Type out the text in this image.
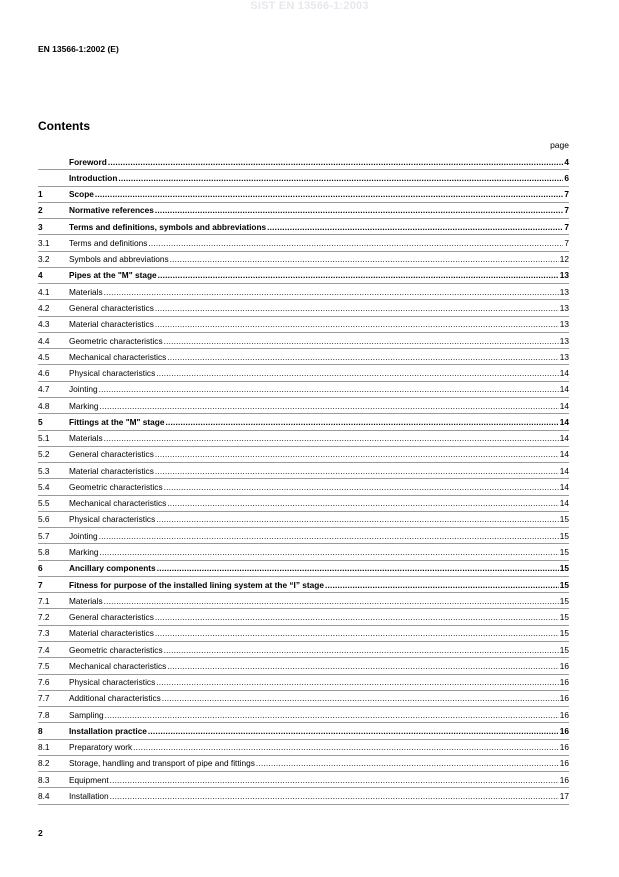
SIST EN 13566-1:2003
EN 13566-1:2002 (E)
Contents
page
Foreword .....	4
Introduction .....	6
1	Scope .....	7
2	Normative references .....	7
3	Terms and definitions, symbols and abbreviations .....	7
3.1	Terms and definitions .....	7
3.2	Symbols and abbreviations .....	12
4	Pipes at the "M" stage .....	13
4.1	Materials .....	13
4.2	General characteristics .....	13
4.3	Material characteristics .....	13
4.4	Geometric characteristics .....	13
4.5	Mechanical characteristics .....	13
4.6	Physical characteristics .....	14
4.7	Jointing .....	14
4.8	Marking .....	14
5	Fittings at the "M" stage .....	14
5.1	Materials .....	14
5.2	General characteristics .....	14
5.3	Material characteristics .....	14
5.4	Geometric characteristics .....	14
5.5	Mechanical characteristics .....	14
5.6	Physical characteristics .....	15
5.7	Jointing .....	15
5.8	Marking .....	15
6	Ancillary components .....	15
7	Fitness for purpose of the installed lining system at the “I” stage .....	15
7.1	Materials .....	15
7.2	General characteristics .....	15
7.3	Material characteristics .....	15
7.4	Geometric characteristics .....	15
7.5	Mechanical characteristics .....	16
7.6	Physical characteristics .....	16
7.7	Additional characteristics .....	16
7.8	Sampling .....	16
8	Installation practice .....	16
8.1	Preparatory work .....	16
8.2	Storage, handling and transport of pipe and fittings .....	16
8.3	Equipment .....	16
8.4	Installation .....	17
2
